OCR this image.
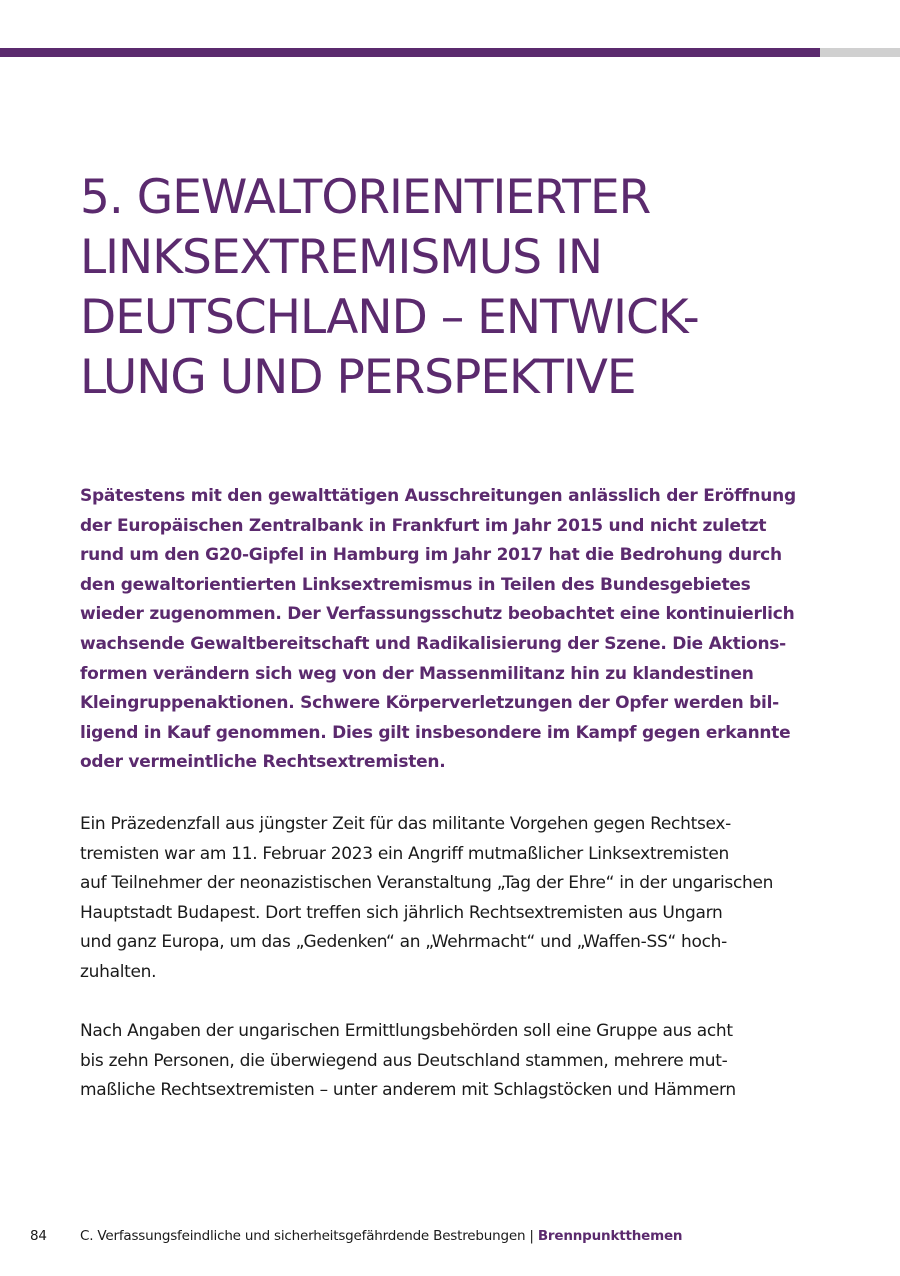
5. GEWALTORIENTIERTER
LINKSEXTREMISMUS IN
DEUTSCHLAND – ENTWICK-
LUNG UND PERSPEKTIVE

Spätestens mit den gewalttätigen Ausschreitungen anlässlich der Eröffnung
der Europäischen Zentralbank in Frankfurt im Jahr 2015 und nicht zuletzt
rund um den G20-Gipfel in Hamburg im Jahr 2017 hat die Bedrohung durch
den gewaltorientierten Linksextremismus in Teilen des Bundesgebietes
wieder zugenommen. Der Verfassungsschutz beobachtet eine kontinuierlich
wachsende Gewaltbereitschaft und Radikalisierung der Szene. Die Aktions-
formen verändern sich weg von der Massenmilitanz hin zu klandestinen
Kleingruppenaktionen. Schwere Körperverletzungen der Opfer werden bil-
ligend in Kauf genommen. Dies gilt insbesondere im Kampf gegen erkannte
oder vermeintliche Rechtsextremisten.

Ein Präzedenzfall aus jüngster Zeit für das militante Vorgehen gegen Rechtsex-
tremisten war am 11. Februar 2023 ein Angriff mutmaßlicher Linksextremisten
auf Teilnehmer der neonazistischen Veranstaltung „Tag der Ehre“ in der ungarischen
Hauptstadt Budapest. Dort treffen sich jährlich Rechtsextremisten aus Ungarn
und ganz Europa, um das „Gedenken“ an „Wehrmacht“ und „Waffen-SS“ hoch-
zuhalten.

Nach Angaben der ungarischen Ermittlungsbehörden soll eine Gruppe aus acht
bis zehn Personen, die überwiegend aus Deutschland stammen, mehrere mut-
maßliche Rechtsextremisten – unter anderem mit Schlagstöcken und Hämmern

84 C. Verfassungsfeindliche und sicherheitsgefährdende Bestrebungen | Brennpunktthemen
